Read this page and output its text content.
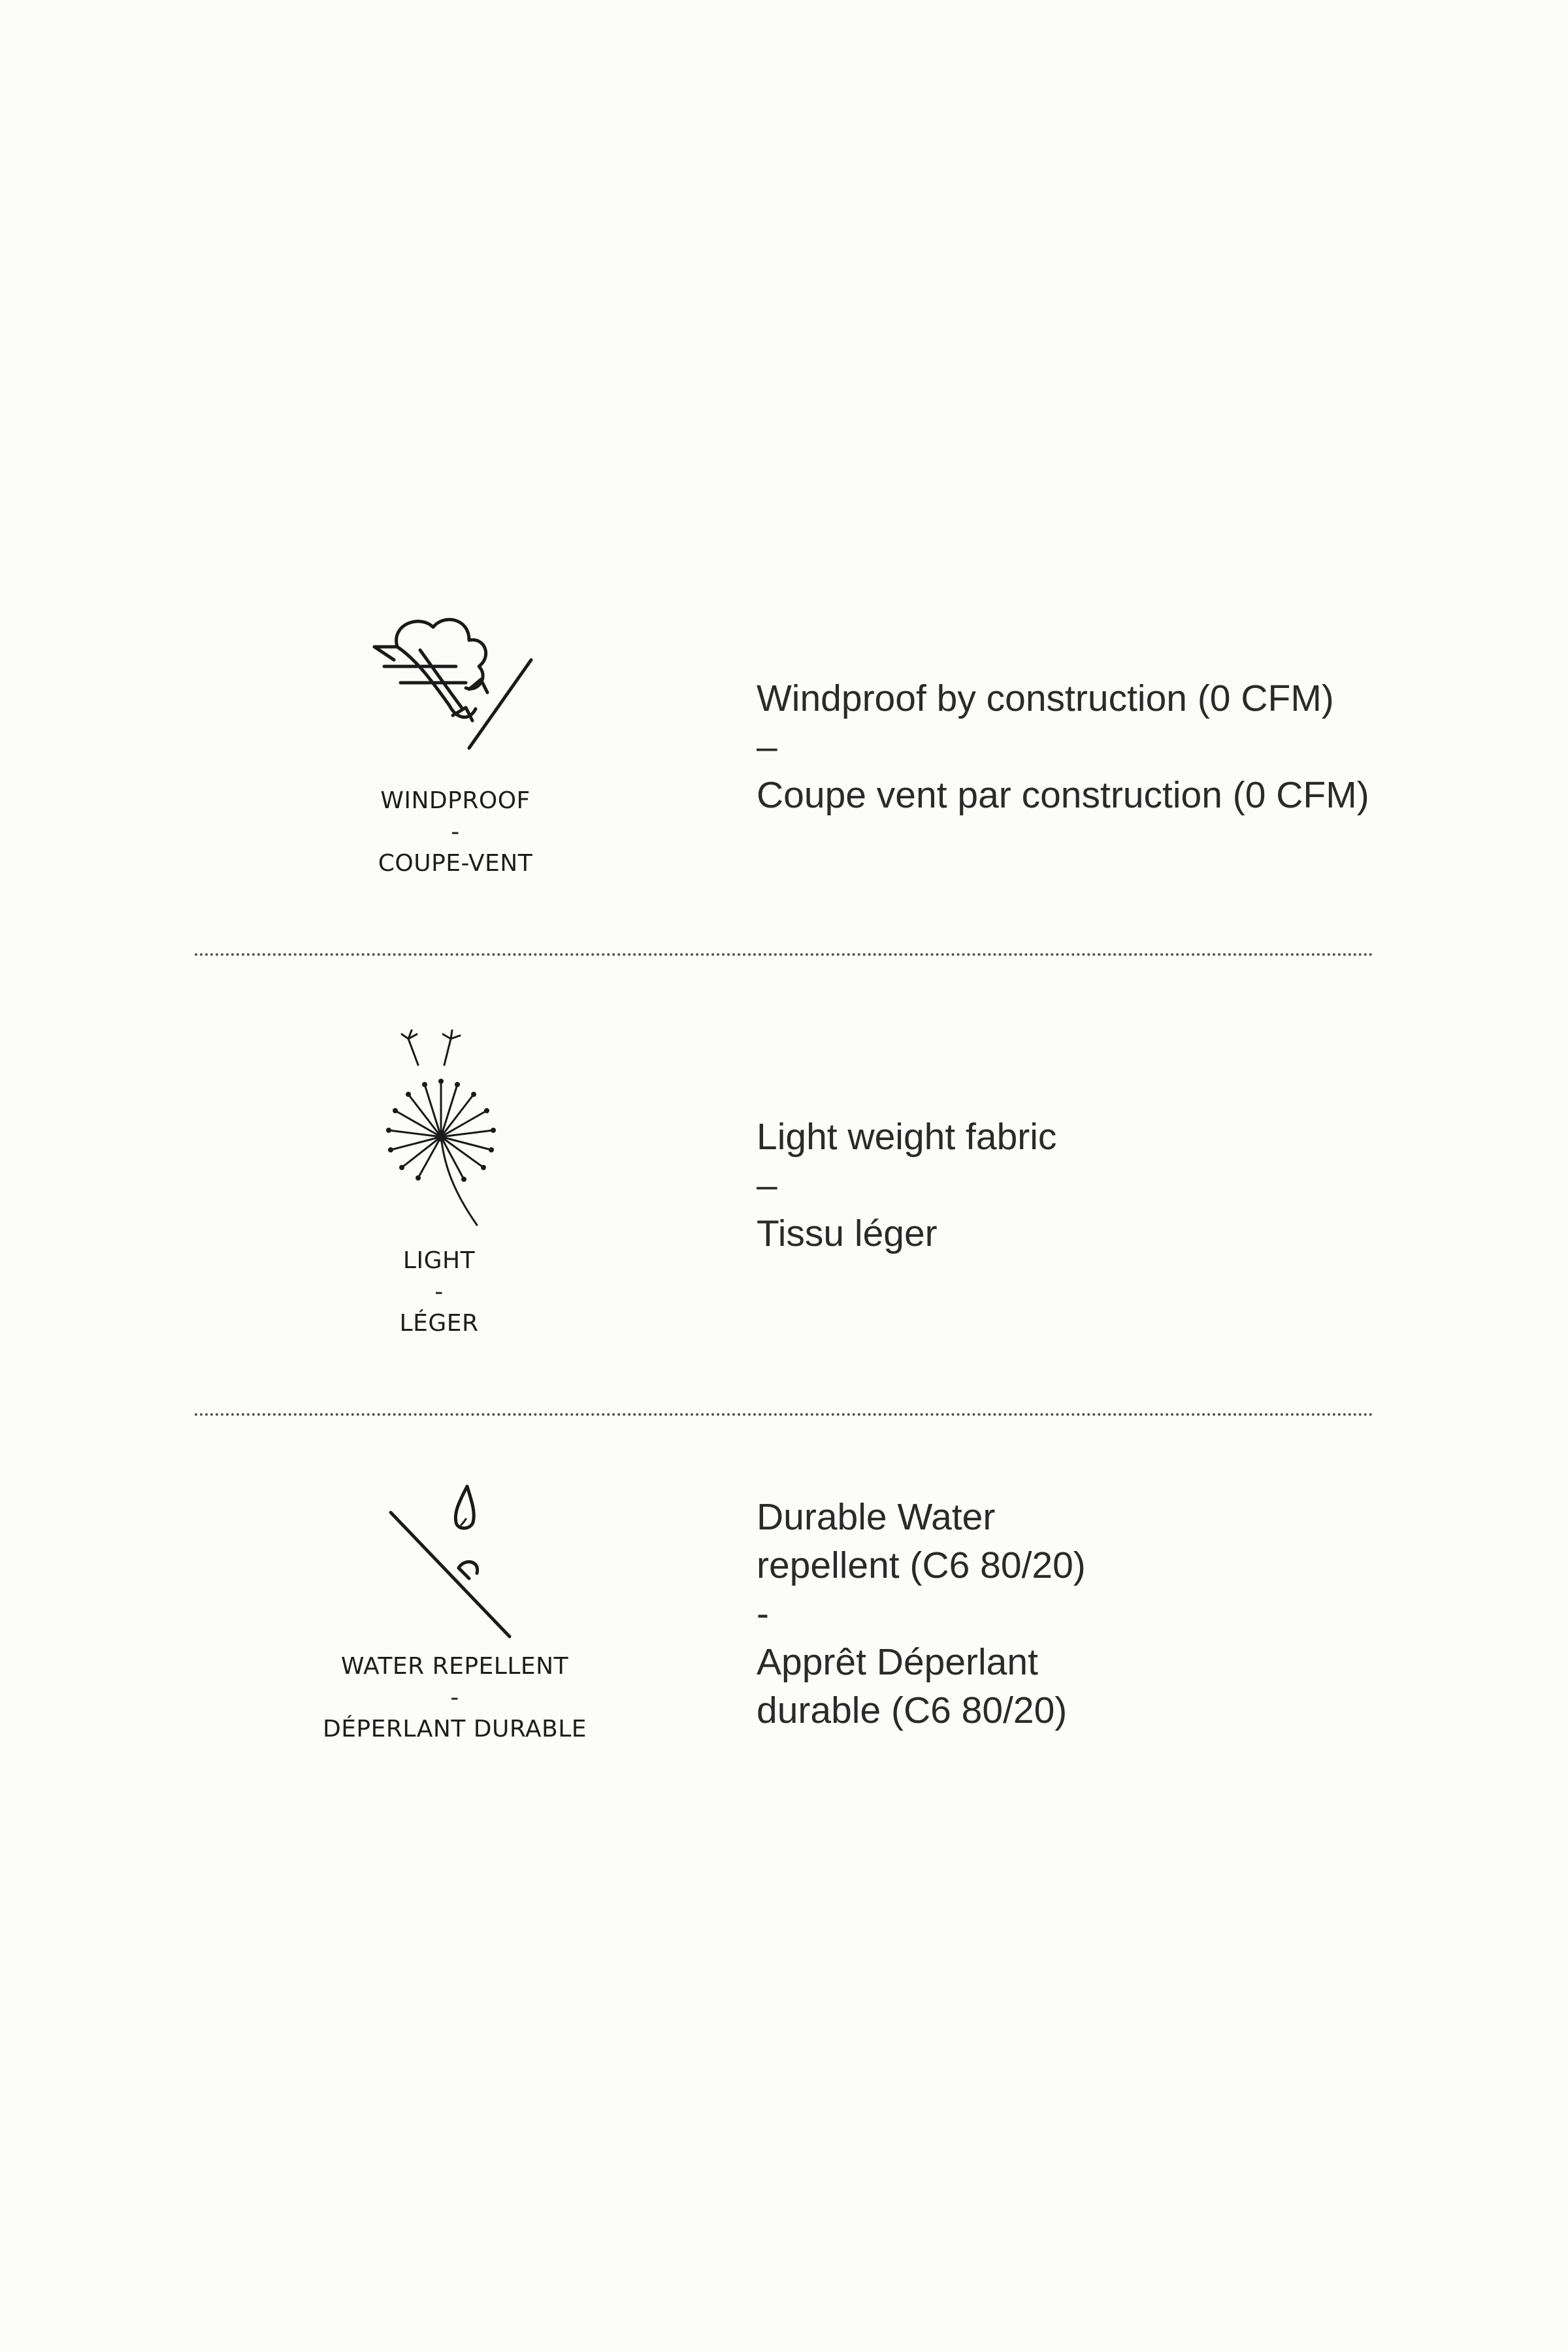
WINDPROOF
-
COUPE-VENT
Windproof by construction (0 CFM)
–
Coupe vent par construction (0 CFM)
LIGHT
-
LÉGER
Light weight fabric
–
Tissu léger
WATER REPELLENT
-
DÉPERLANT DURABLE
Durable Water
repellent (C6 80/20)
-
Apprêt Déperlant
durable (C6 80/20)
